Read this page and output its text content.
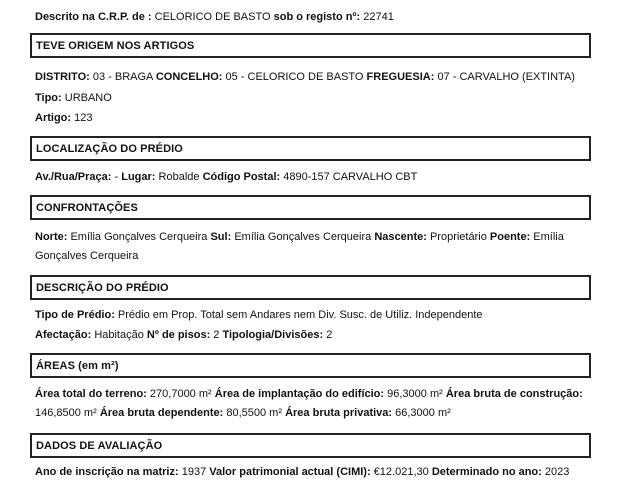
Descrito na C.R.P. de : CELORICO DE BASTO sob o registo nº: 22741
TEVE ORIGEM NOS ARTIGOS
DISTRITO: 03 - BRAGA CONCELHO: 05 - CELORICO DE BASTO FREGUESIA: 07 - CARVALHO (EXTINTA)
Tipo: URBANO
Artigo: 123
LOCALIZAÇÃO DO PRÉDIO
Av./Rua/Praça: - Lugar: Robalde Código Postal: 4890-157 CARVALHO CBT
CONFRONTAÇÕES
Norte: Emília Gonçalves Cerqueira Sul: Emília Gonçalves Cerqueira Nascente: Proprietário Poente: Emília
Gonçalves Cerqueira
DESCRIÇÃO DO PRÉDIO
Tipo de Prédio: Prédio em Prop. Total sem Andares nem Div. Susc. de Utiliz. Independente
Afectação: Habitação Nº de pisos: 2 Tipologia/Divisões: 2
ÁREAS (em m²)
Área total do terreno: 270,7000 m² Área de implantação do edifício: 96,3000 m² Área bruta de construção:
146,8500 m² Área bruta dependente: 80,5500 m² Área bruta privativa: 66,3000 m²
DADOS DE AVALIAÇÃO
Ano de inscrição na matriz: 1937 Valor patrimonial actual (CIMI): €12.021,30 Determinado no ano: 2023
